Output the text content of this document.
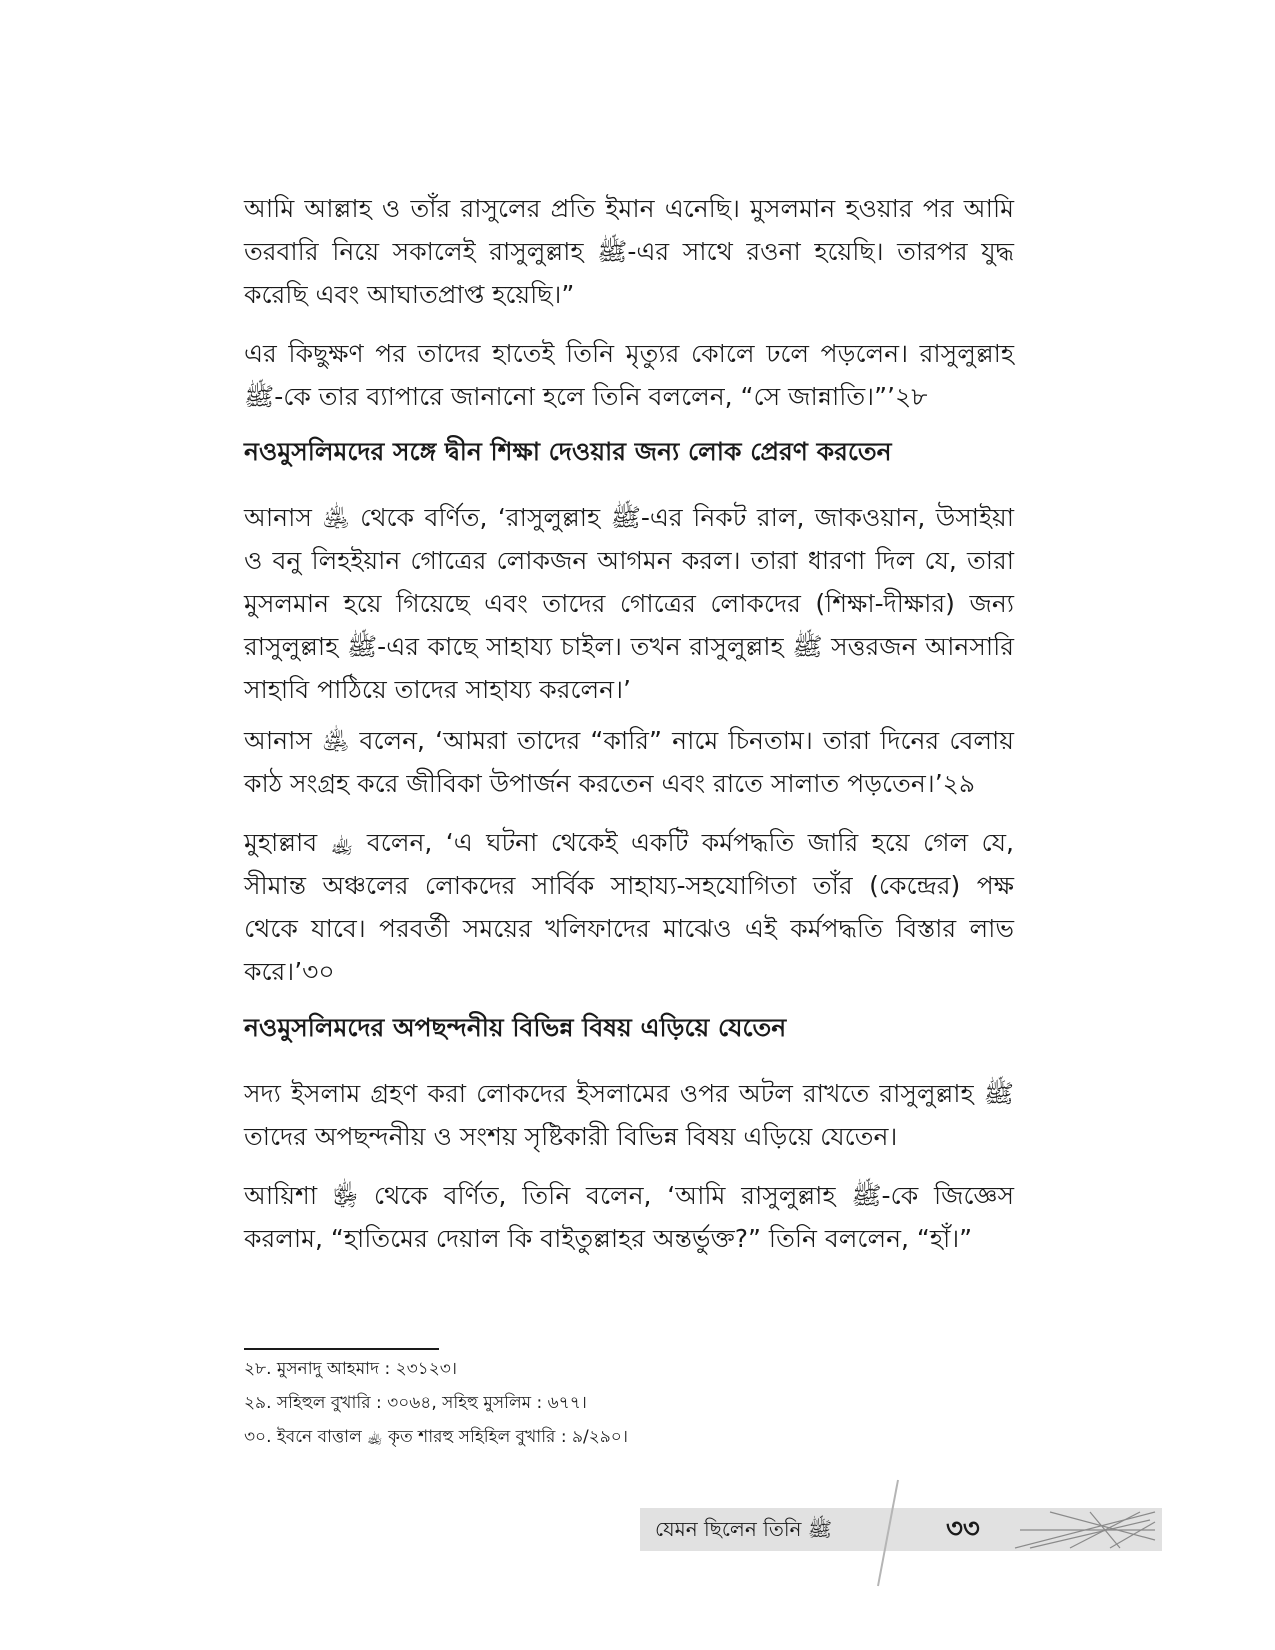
আমি আল্লাহ ও তাঁর রাসুলের প্রতি ইমান এনেছি। মুসলমান হওয়ার পর আমি তরবারি নিয়ে সকালেই রাসুলুল্লাহ ﷺ-এর সাথে রওনা হয়েছি। তারপর যুদ্ধ করেছি এবং আঘাতপ্রাপ্ত হয়েছি।”

এর কিছুক্ষণ পর তাদের হাতেই তিনি মৃত্যুর কোলে ঢলে পড়লেন। রাসুলুল্লাহ ﷺ-কে তার ব্যাপারে জানানো হলে তিনি বললেন, “সে জান্নাতি।”’২৮

নওমুসলিমদের সঙ্গে দ্বীন শিক্ষা দেওয়ার জন্য লোক প্রেরণ করতেন

আনাস ﵁ থেকে বর্ণিত, ‘রাসুলুল্লাহ ﷺ-এর নিকট রাল, জাকওয়ান, উসাইয়া ও বনু লিহইয়ান গোত্রের লোকজন আগমন করল। তারা ধারণা দিল যে, তারা মুসলমান হয়ে গিয়েছে এবং তাদের গোত্রের লোকদের (শিক্ষা-দীক্ষার) জন্য রাসুলুল্লাহ ﷺ-এর কাছে সাহায্য চাইল। তখন রাসুলুল্লাহ ﷺ সত্তরজন আনসারি সাহাবি পাঠিয়ে তাদের সাহায্য করলেন।’

আনাস ﵁ বলেন, ‘আমরা তাদের “কারি” নামে চিনতাম। তারা দিনের বেলায় কাঠ সংগ্রহ করে জীবিকা উপার্জন করতেন এবং রাতে সালাত পড়তেন।’২৯

মুহাল্লাব ﵀ বলেন, ‘এ ঘটনা থেকেই একটি কর্মপদ্ধতি জারি হয়ে গেল যে, সীমান্ত অঞ্চলের লোকদের সার্বিক সাহায্য-সহযোগিতা তাঁর (কেন্দ্রের) পক্ষ থেকে যাবে। পরবর্তী সময়ের খলিফাদের মাঝেও এই কর্মপদ্ধতি বিস্তার লাভ করে।’৩০

নওমুসলিমদের অপছন্দনীয় বিভিন্ন বিষয় এড়িয়ে যেতেন

সদ্য ইসলাম গ্রহণ করা লোকদের ইসলামের ওপর অটল রাখতে রাসুলুল্লাহ ﷺ তাদের অপছন্দনীয় ও সংশয় সৃষ্টিকারী বিভিন্ন বিষয় এড়িয়ে যেতেন।

আয়িশা ﵂ থেকে বর্ণিত, তিনি বলেন, ‘আমি রাসুলুল্লাহ ﷺ-কে জিজ্ঞেস করলাম, “হাতিমের দেয়াল কি বাইতুল্লাহর অন্তর্ভুক্ত?” তিনি বললেন, “হাঁ।”

২৮. মুসনাদু আহমাদ : ২৩১২৩।

২৯. সহিহুল বুখারি : ৩০৬৪, সহিহু মুসলিম : ৬৭৭।

৩০. ইবনে বাত্তাল ﵀ কৃত শারহু সহিহিল বুখারি : ৯/২৯০।

যেমন ছিলেন তিনি ﷺ	৩৩
